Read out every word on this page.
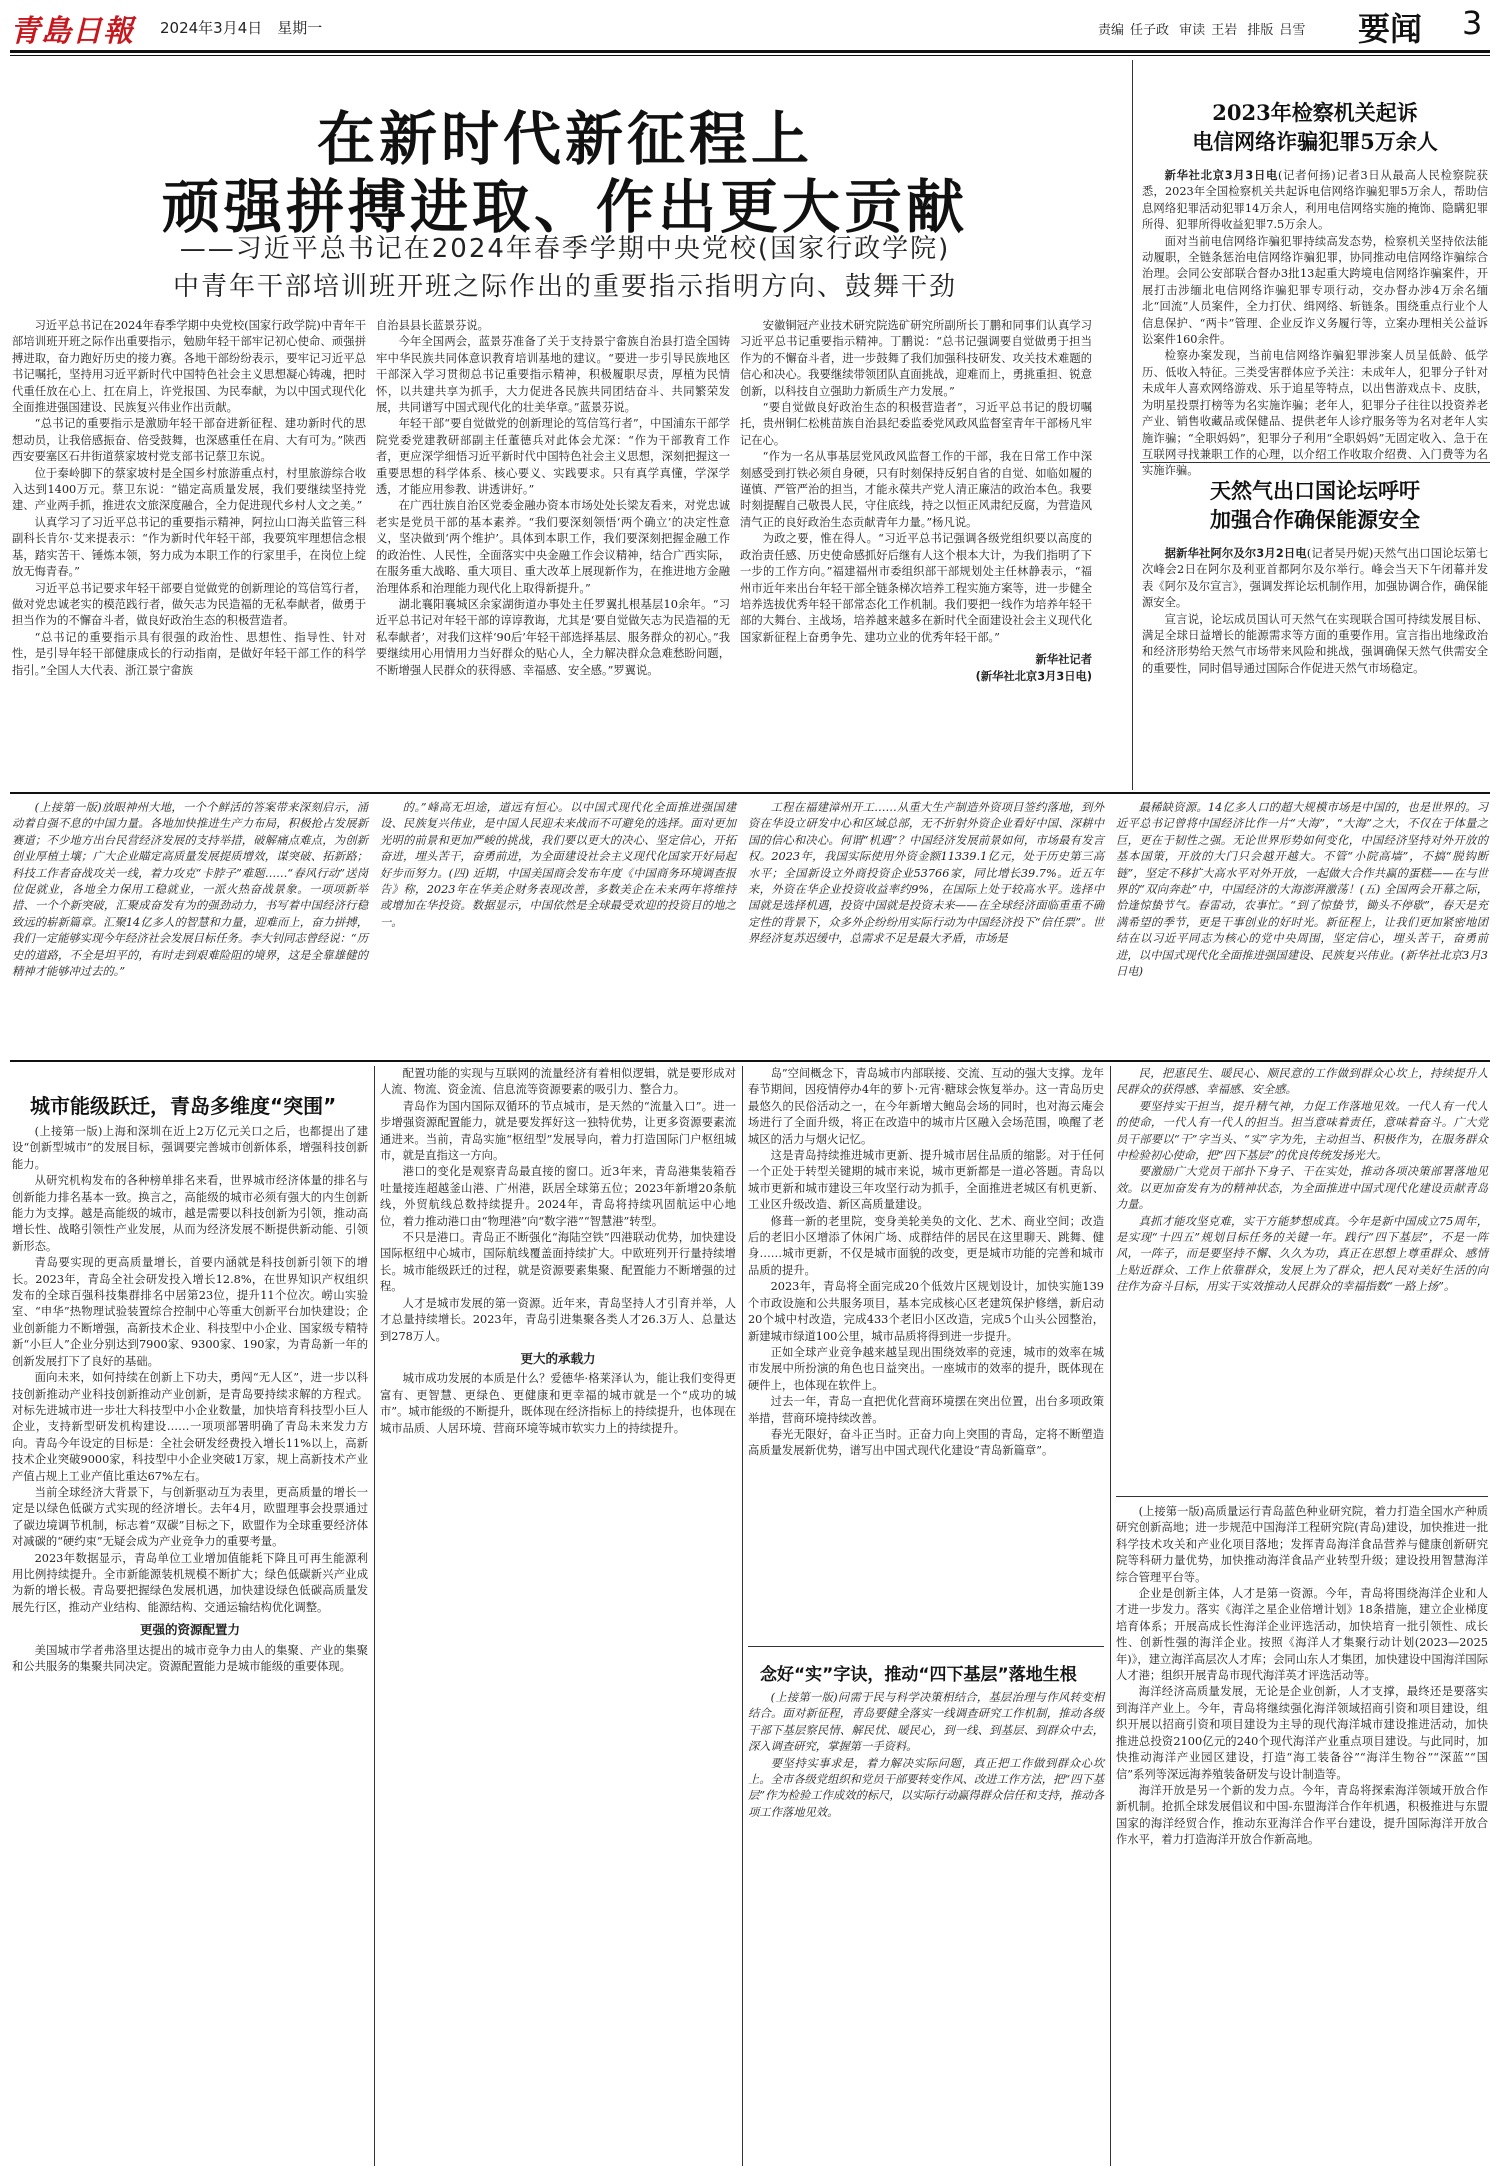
青島日報 2024年3月4日　星期一	责编 任子政 审读 王岩 排版 吕雪 要闻 3
在新时代新征程上
顽强拼搏进取、作出更大贡献
——习近平总书记在2024年春季学期中央党校(国家行政学院)
中青年干部培训班开班之际作出的重要指示指明方向、鼓舞干劲

习近平总书记在2024年春季学期中央党校(国家行政学院)中青年干部培训班开班之际作出重要指示，勉励年轻干部牢记初心使命、顽强拼搏进取，奋力跑好历史的接力赛。各地干部纷纷表示，要牢记习近平总书记嘱托，坚持用习近平新时代中国特色社会主义思想凝心铸魂，把时代重任放在心上、扛在肩上，许党报国、为民奉献，为以中国式现代化全面推进强国建设、民族复兴伟业作出贡献。

“总书记的重要指示是激励年轻干部奋进新征程、建功新时代的思想动员，让我倍感振奋、倍受鼓舞，也深感重任在肩、大有可为。”陕西西安要塞区石井街道蔡家坡村党支部书记蔡卫东说。

位于秦岭脚下的蔡家坡村是全国乡村旅游重点村，村里旅游综合收入达到1400万元。蔡卫东说：“锚定高质量发展，我们要继续坚持党建、产业两手抓，推进农文旅深度融合，全力促进现代乡村人文之美。”

认真学习了习近平总书记的重要指示精神，阿拉山口海关监管三科副科长肯尔·艾来提表示：“作为新时代年轻干部，我要筑牢理想信念根基，踏实苦干、锤炼本领，努力成为本职工作的行家里手，在岗位上绽放无悔青春。”

习近平总书记要求年轻干部要自觉做党的创新理论的笃信笃行者，做对党忠诚老实的模范践行者，做矢志为民造福的无私奉献者，做勇于担当作为的不懈奋斗者，做良好政治生态的积极营造者。

“总书记的重要指示具有很强的政治性、思想性、指导性、针对性，是引导年轻干部健康成长的行动指南，是做好年轻干部工作的科学指引。”全国人大代表、浙江景宁畲族

自治县县长蓝景芬说。

今年全国两会，蓝景芬准备了关于支持景宁畲族自治县打造全国铸牢中华民族共同体意识教育培训基地的建议。“要进一步引导民族地区干部深入学习贯彻总书记重要指示精神，积极履职尽责，厚植为民情怀，以共建共享为抓手，大力促进各民族共同团结奋斗、共同繁荣发展，共同谱写中国式现代化的壮美华章。”蓝景芬说。

年轻干部“要自觉做党的创新理论的笃信笃行者”，中国浦东干部学院党委党建教研部副主任董德兵对此体会尤深：“作为干部教育工作者，更应深学细悟习近平新时代中国特色社会主义思想，深刻把握这一重要思想的科学体系、核心要义、实践要求。只有真学真懂，学深学透，才能应用参教、讲透讲好。”

在广西壮族自治区党委金融办资本市场处处长梁友看来，对党忠诚老实是党员干部的基本素养。“我们要深刻领悟‘两个确立’的决定性意义，坚决做到‘两个维护’。具体到本职工作，我们要深刻把握金融工作的政治性、人民性，全面落实中央金融工作会议精神，结合广西实际，在服务重大战略、重大项目、重大改革上展现新作为，在推进地方金融治理体系和治理能力现代化上取得新提升。”

湖北襄阳襄城区余家湖街道办事处主任罗翼扎根基层10余年。“习近平总书记对年轻干部的谆谆教诲，尤其是‘要自觉做矢志为民造福的无私奉献者’，对我们这样‘90后’年轻干部选择基层、服务群众的初心。”我要继续用心用情用力当好群众的贴心人，全力解决群众急难愁盼问题，不断增强人民群众的获得感、幸福感、安全感。”罗翼说。

安徽铜冠产业技术研究院选矿研究所副所长丁鹏和同事们认真学习习近平总书记重要指示精神。丁鹏说：“总书记强调要自觉做勇于担当作为的不懈奋斗者，进一步鼓舞了我们加强科技研发、攻关技术难题的信心和决心。我要继续带领团队直面挑战，迎难而上，勇挑重担、锐意创新，以科技自立强助力新质生产力发展。”

“要自觉做良好政治生态的积极营造者”，习近平总书记的殷切嘱托，贵州铜仁松桃苗族自治县纪委监委党风政风监督室青年干部杨凡牢记在心。

“作为一名从事基层党风政风监督工作的干部，我在日常工作中深刻感受到打铁必须自身硬，只有时刻保持反躬自省的自觉、如临如履的谨慎、严管严治的担当，才能永葆共产党人清正廉洁的政治本色。我要时刻提醒自己敬畏人民，守住底线，持之以恒正风肃纪反腐，为营造风清气正的良好政治生态贡献青年力量。”杨凡说。

为政之要，惟在得人。“习近平总书记强调各级党组织要以高度的政治责任感、历史使命感抓好后继有人这个根本大计，为我们指明了下一步的工作方向。”福建福州市委组织部干部规划处主任林静表示，“福州市近年来出台年轻干部全链条梯次培养工程实施方案等，进一步健全培养选拔优秀年轻干部常态化工作机制。我们要把一线作为培养年轻干部的大舞台、主战场，培养越来越多在新时代全面建设社会主义现代化国家新征程上奋勇争先、建功立业的优秀年轻干部。”

新华社记者
(新华社北京3月3日电)
2023年检察机关起诉
电信网络诈骗犯罪5万余人

新华社北京3月3日电(记者何扬)记者3日从最高人民检察院获悉，2023年全国检察机关共起诉电信网络诈骗犯罪5万余人，帮助信息网络犯罪活动犯罪14万余人，利用电信网络实施的掩饰、隐瞒犯罪所得、犯罪所得收益犯罪7.5万余人。

面对当前电信网络诈骗犯罪持续高发态势，检察机关坚持依法能动履职，全链条惩治电信网络诈骗犯罪，协同推动电信网络诈骗综合治理。会同公安部联合督办3批13起重大跨境电信网络诈骗案件，开展打击涉缅北电信网络诈骗犯罪专项行动，交办督办涉4万余名缅北“回流”人员案件，全力打伏、缉网络、斩链条。围绕重点行业个人信息保护、“两卡”管理、企业反诈义务履行等，立案办理相关公益诉讼案件160余件。

检察办案发现，当前电信网络诈骗犯罪涉案人员呈低龄、低学历、低收入特征。三类受害群体应予关注：未成年人，犯罪分子针对未成年人喜欢网络游戏、乐于追星等特点，以出售游戏点卡、皮肤，为明星投票打榜等为名实施诈骗；老年人，犯罪分子往往以投资养老产业、销售收藏品或保健品、提供老年人诊疗服务等为名对老年人实施诈骗；“全职妈妈”，犯罪分子利用“全职妈妈”无固定收入、急于在互联网寻找兼职工作的心理，以介绍工作收取介绍费、入门费等为名实施诈骗。

天然气出口国论坛呼吁
加强合作确保能源安全

据新华社阿尔及尔3月2日电(记者吴丹妮)天然气出口国论坛第七次峰会2日在阿尔及利亚首都阿尔及尔举行。峰会当天下午闭幕并发表《阿尔及尔宣言》，强调发挥论坛机制作用，加强协调合作，确保能源安全。

宣言说，论坛成员国认可天然气在实现联合国可持续发展目标、满足全球日益增长的能源需求等方面的重要作用。宣言指出地缘政治和经济形势给天然气市场带来风险和挑战，强调确保天然气供需安全的重要性，同时倡导通过国际合作促进天然气市场稳定。

(上接第一版)放眼神州大地，一个个鲜活的答案带来深刻启示，涌动着自强不息的中国力量。各地加快推进生产力布局，积极抢占发展新赛道；不少地方出台民营经济发展的支持举措，破解痛点难点，为创新创业厚植土壤；广大企业瞄定高质量发展提质增效，谋突破、拓新路；科技工作者奋战攻关一线，着力攻克“卡脖子”难题……“春风行动”送岗位促就业，各地全力保用工稳就业，一派火热奋战景象。一项项新举措、一个个新突破，汇聚成奋发有为的强劲动力，书写着中国经济行稳致远的崭新篇章。汇聚14亿多人的智慧和力量，迎难而上，奋力拼搏，我们一定能够实现今年经济社会发展目标任务。李大钊同志曾经说：“历史的道路，不全是坦平的，有时走到艰难险阻的境界，这是全靠雄健的精神才能够冲过去的。”

的。”峰高无坦途，道远有恒心。以中国式现代化全面推进强国建设、民族复兴伟业，是中国人民迎未来战而不可避免的选择。面对更加光明的前景和更加严峻的挑战，我们要以更大的决心、坚定信心，开拓奋进，埋头苦干，奋勇前进，为全面建设社会主义现代化国家开好局起好步而努力。(四) 近期，中国美国商会发布年度《中国商务环境调查报告》称，2023年在华美企财务表现改善，多数美企在未来两年将维持或增加在华投资。数据显示，中国依然是全球最受欢迎的投资目的地之一。

工程在福建漳州开工……从重大生产制造外资项目签约落地，到外资在华设立研发中心和区域总部，无不折射外资企业看好中国、深耕中国的信心和决心。何谓“机遇”？中国经济发展前景如何，市场最有发言权。2023年，我国实际使用外资金额11339.1亿元，处于历史第三高水平；全国新设立外商投资企业53766家，同比增长39.7%。近五年来，外资在华企业投资收益率约9%，在国际上处于较高水平。选择中国就是选择机遇，投资中国就是投资未来——在全球经济面临重重不确定性的背景下，众多外企纷纷用实际行动为中国经济投下“信任票”。世界经济复苏迟缓中，总需求不足是最大矛盾，市场是

最稀缺资源。14亿多人口的超大规模市场是中国的，也是世界的。习近平总书记曾将中国经济比作一片“大海”，“大海”之大，不仅在于体量之巨，更在于韧性之强。无论世界形势如何变化，中国经济坚持对外开放的基本国策，开放的大门只会越开越大。不管“小院高墙”，不搞“脱钩断链”，坚定不移扩大高水平对外开放，一起做大合作共赢的蛋糕——在与世界的“双向奔赴”中，中国经济的大海澎湃激荡！(五) 全国两会开幕之际，恰逢惊蛰节气。春雷动，农事忙。“到了惊蛰节，锄头不停歇”，春天是充满希望的季节，更是干事创业的好时光。新征程上，让我们更加紧密地团结在以习近平同志为核心的党中央周围，坚定信心，埋头苦干，奋勇前进，以中国式现代化全面推进强国建设、民族复兴伟业。(新华社北京3月3日电)

城市能级跃迁，青岛多维度“突围”

(上接第一版)上海和深圳在近上2万亿元关口之后，也都提出了建设“创新型城市”的发展目标，强调要完善城市创新体系，增强科技创新能力。

从研究机构发布的各种榜单排名来看，世界城市经济体量的排名与创新能力排名基本一致。换言之，高能级的城市必须有强大的内生创新能力为支撑。越是高能级的城市，越是需要以科技创新为引领，推动高增长性、战略引领性产业发展，从而为经济发展不断提供新动能、引领新形态。

青岛要实现的更高质量增长，首要内涵就是科技创新引领下的增长。2023年，青岛全社会研发投入增长12.8%，在世界知识产权组织发布的全球百强科技集群排名中居第23位，提升11个位次。崂山实验室、“申华”热物理试验装置综合控制中心等重大创新平台加快建设；企业创新能力不断增强，高新技术企业、科技型中小企业、国家级专精特新“小巨人”企业分别达到7900家、9300家、190家，为青岛新一年的创新发展打下了良好的基础。

面向未来，如何持续在创新上下功夫，勇闯“无人区”，进一步以科技创新推动产业科技创新推动产业创新，是青岛要持续求解的方程式。对标先进城市进一步壮大科技型中小企业数量，加快培育科技型小巨人企业，支持新型研发机构建设……一项项部署明确了青岛未来发力方向。青岛今年设定的目标是：全社会研发经费投入增长11%以上，高新技术企业突破9000家，科技型中小企业突破1万家，规上高新技术产业产值占规上工业产值比重达67%左右。

当前全球经济大背景下，与创新驱动互为表里，更高质量的增长一定是以绿色低碳方式实现的经济增长。去年4月，欧盟理事会投票通过了碳边境调节机制，标志着“双碳”目标之下，欧盟作为全球重要经济体对减碳的“硬约束”无疑会成为产业竞争力的重要考量。

2023年数据显示，青岛单位工业增加值能耗下降且可再生能源利用比例持续提升。全市新能源装机规模不断扩大；绿色低碳新兴产业成为新的增长极。青岛要把握绿色发展机遇，加快建设绿色低碳高质量发展先行区，推动产业结构、能源结构、交通运输结构优化调整。

更强的资源配置力

美国城市学者弗洛里达提出的城市竞争力由人的集聚、产业的集聚和公共服务的集聚共同决定。资源配置能力是城市能级的重要体现。

配置功能的实现与互联网的流量经济有着相似逻辑，就是要形成对人流、物流、资金流、信息流等资源要素的吸引力、整合力。

青岛作为国内国际双循环的节点城市，是天然的“流量入口”。进一步增强资源配置能力，就是要发挥好这一独特优势，让更多资源要素流通进来。当前，青岛实施“枢纽型”发展导向，着力打造国际门户枢纽城市，就是直指这一方向。

港口的变化是观察青岛最直接的窗口。近3年来，青岛港集装箱吞吐量接连超越釜山港、广州港，跃居全球第五位；2023年新增20条航线，外贸航线总数持续提升。2024年，青岛将持续巩固航运中心地位，着力推动港口由“物理港”向“数字港”“智慧港”转型。

不只是港口。青岛正不断强化“海陆空铁”四港联动优势，加快建设国际枢纽中心城市，国际航线覆盖面持续扩大。中欧班列开行量持续增长。城市能级跃迁的过程，就是资源要素集聚、配置能力不断增强的过程。

人才是城市发展的第一资源。近年来，青岛坚持人才引育并举，人才总量持续增长。2023年，青岛引进集聚各类人才26.3万人、总量达到278万人。

更大的承载力

城市成功发展的本质是什么？爱德华·格莱泽认为，能让我们变得更富有、更智慧、更绿色、更健康和更幸福的城市就是一个“成功的城市”。城市能级的不断提升，既体现在经济指标上的持续提升，也体现在城市品质、人居环境、营商环境等城市软实力上的持续提升。

岛”空间概念下，青岛城市内部联接、交流、互动的强大支撑。龙年春节期间，因疫情停办4年的萝卜·元宵·糖球会恢复举办。这一青岛历史最悠久的民俗活动之一，在今年新增大鲍岛会场的同时，也对海云庵会场进行了全面升级，将正在改造中的城市片区融入会场范围，唤醒了老城区的活力与烟火记忆。

这是青岛持续推进城市更新、提升城市居住品质的缩影。对于任何一个正处于转型关键期的城市来说，城市更新都是一道必答题。青岛以城市更新和城市建设三年攻坚行动为抓手，全面推进老城区有机更新、工业区升级改造、新区高质量建设。

修葺一新的老里院，变身美轮美奂的文化、艺术、商业空间；改造后的老旧小区增添了休闲广场、成群结伴的居民在这里聊天、跳舞、健身……城市更新，不仅是城市面貌的改变，更是城市功能的完善和城市品质的提升。

2023年，青岛将全面完成20个低效片区规划设计，加快实施139个市政设施和公共服务项目，基本完成核心区老建筑保护修缮，新启动20个城中村改造，完成433个老旧小区改造，完成5个山头公园整治，新建城市绿道100公里，城市品质将得到进一步提升。

正如全球产业竞争越来越呈现出围绕效率的竞速，城市的效率在城市发展中所扮演的角色也日益突出。一座城市的效率的提升，既体现在硬件上，也体现在软件上。

过去一年，青岛一直把优化营商环境摆在突出位置，出台多项政策举措，营商环境持续改善。

春光无限好，奋斗正当时。正奋力向上突围的青岛，定将不断塑造高质量发展新优势，谱写出中国式现代化建设“青岛新篇章”。

念好“实”字诀，推动“四下基层”落地生根

(上接第一版)问需于民与科学决策相结合，基层治理与作风转变相结合。面对新征程，青岛要健全落实一线调查研究工作机制，推动各级干部下基层察民情、解民忧、暖民心，到一线、到基层、到群众中去，深入调查研究，掌握第一手资料。

要坚持实事求是，着力解决实际问题，真正把工作做到群众心坎上。全市各级党组织和党员干部要转变作风、改进工作方法，把“四下基层”作为检验工作成效的标尺，以实际行动赢得群众信任和支持，推动各项工作落地见效。

民，把惠民生、暖民心、顺民意的工作做到群众心坎上，持续提升人民群众的获得感、幸福感、安全感。

要坚持实干担当，提升精气神，力促工作落地见效。一代人有一代人的使命，一代人有一代人的担当。担当意味着责任，意味着奋斗。广大党员干部要以“干”字当头、“实”字为先，主动担当、积极作为，在服务群众中检验初心使命，把“四下基层”的优良传统发扬光大。

要激励广大党员干部扑下身子、干在实处，推动各项决策部署落地见效。以更加奋发有为的精神状态，为全面推进中国式现代化建设贡献青岛力量。

真抓才能攻坚克难，实干方能梦想成真。今年是新中国成立75周年，是实现“十四五”规划目标任务的关键一年。践行“四下基层”，不是一阵风，一阵子，而是要坚持不懈、久久为功，真正在思想上尊重群众、感情上贴近群众、工作上依靠群众，发展上为了群众，把人民对美好生活的向往作为奋斗目标，用实干实效推动人民群众的幸福指数“一路上扬”。

(上接第一版)高质量运行青岛蓝色种业研究院，着力打造全国水产种质研究创新高地；进一步规范中国海洋工程研究院(青岛)建设，加快推进一批科学技术攻关和产业化项目落地；发挥青岛海洋食品营养与健康创新研究院等科研力量优势，加快推动海洋食品产业转型升级；建设投用智慧海洋综合管理平台等。

企业是创新主体，人才是第一资源。今年，青岛将围绕海洋企业和人才进一步发力。落实《海洋之星企业倍增计划》18条措施，建立企业梯度培育体系；开展高成长性海洋企业评选活动，加快培育一批引领性、成长性、创新性强的海洋企业。按照《海洋人才集聚行动计划(2023—2025年)》，建立海洋高层次人才库；会同山东人才集团，加快建设中国海洋国际人才港；组织开展青岛市现代海洋英才评选活动等。

海洋经济高质量发展，无论是企业创新，人才支撑，最终还是要落实到海洋产业上。今年，青岛将继续强化海洋领域招商引资和项目建设，组织开展以招商引资和项目建设为主导的现代海洋城市建设推进活动，加快推进总投资2100亿元的240个现代海洋产业重点项目建设。与此同时，加快推动海洋产业园区建设，打造“海工装备谷”“海洋生物谷”“深蓝”“国信”系列等深远海养殖装备研发与设计制造等。

海洋开放是另一个新的发力点。今年，青岛将探索海洋领域开放合作新机制。抢抓全球发展倡议和中国-东盟海洋合作年机遇，积极推进与东盟国家的海洋经贸合作，推动东亚海洋合作平台建设，提升国际海洋开放合作水平，着力打造海洋开放合作新高地。
